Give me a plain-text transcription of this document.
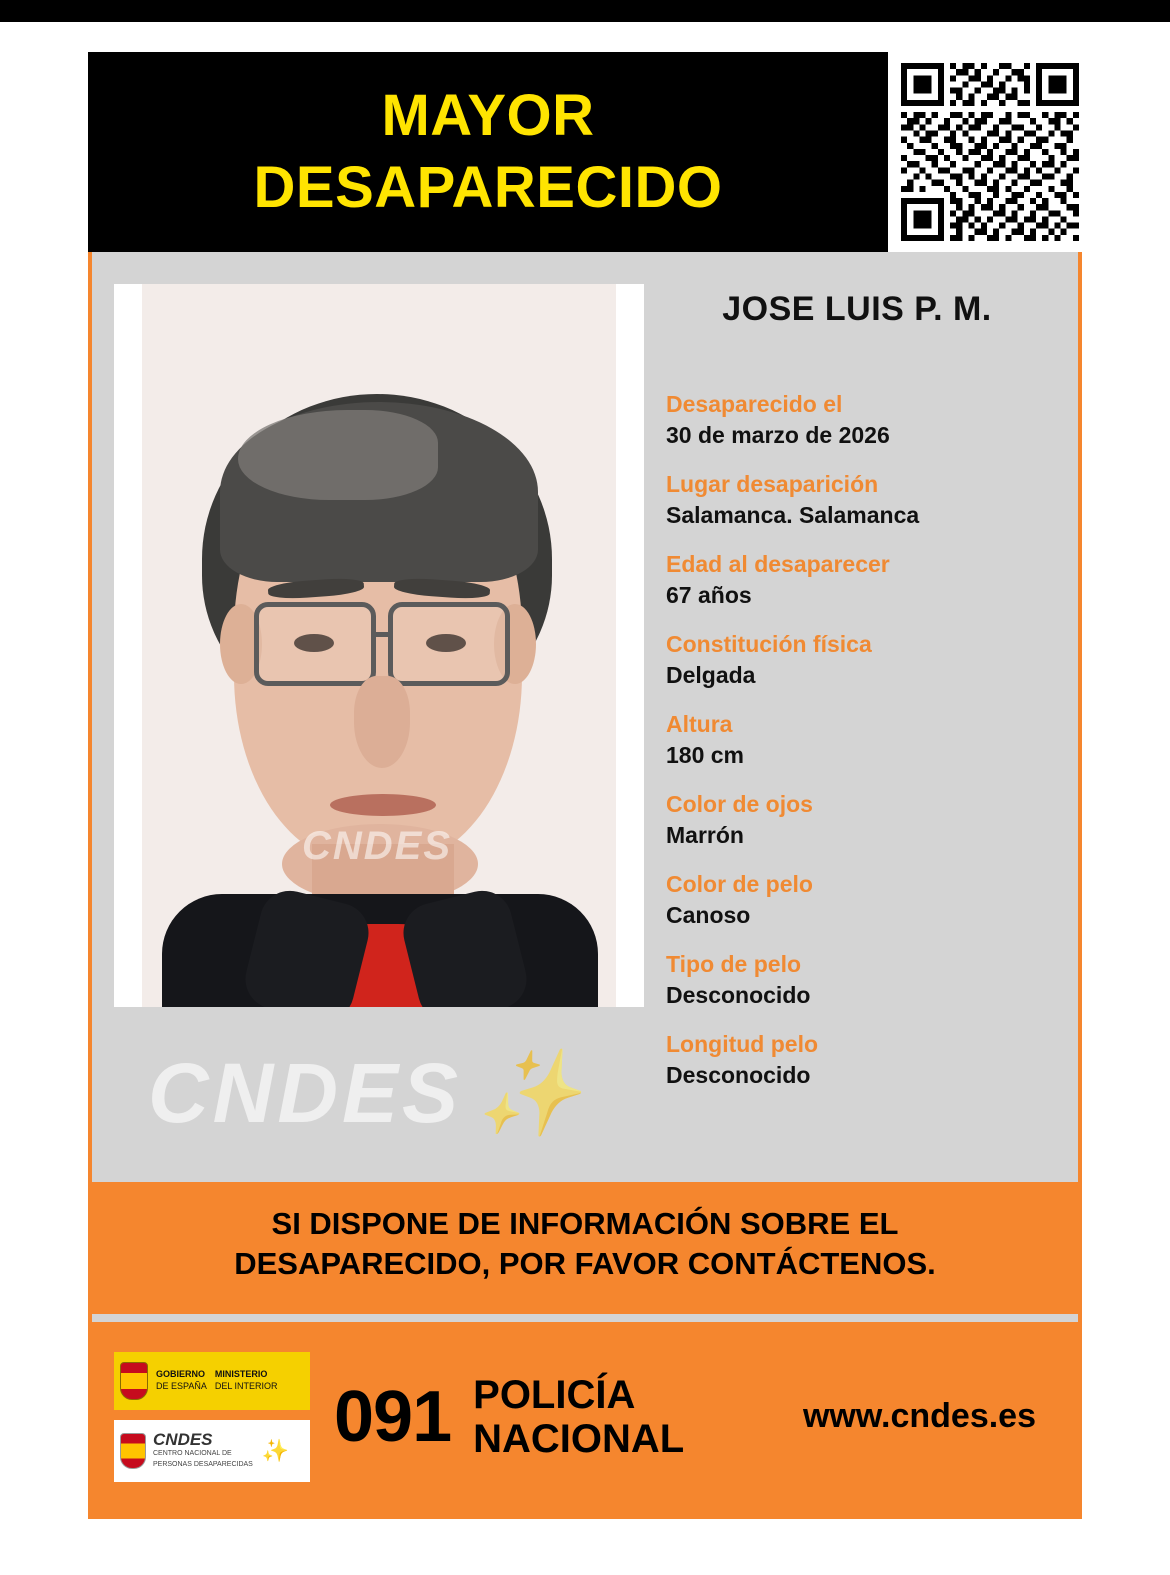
MAYOR
DESAPARECIDO
CNDES
CNDES ✨
JOSE LUIS P. M.
Desaparecido el
30 de marzo de 2026
Lugar desaparición
Salamanca. Salamanca
Edad al desaparecer
67 años
Constitución física
Delgada
Altura
180 cm
Color de ojos
Marrón
Color de pelo
Canoso
Tipo de pelo
Desconocido
Longitud pelo
Desconocido
SI DISPONE DE INFORMACIÓN SOBRE EL
DESAPARECIDO, POR FAVOR CONTÁCTENOS.
GOBIERNO
DE ESPAÑA
MINISTERIO
DEL INTERIOR
CNDES
CENTRO NACIONAL DE
PERSONAS DESAPARECIDAS
✨ 091 POLICÍA
NACIONAL
www.cndes.es
